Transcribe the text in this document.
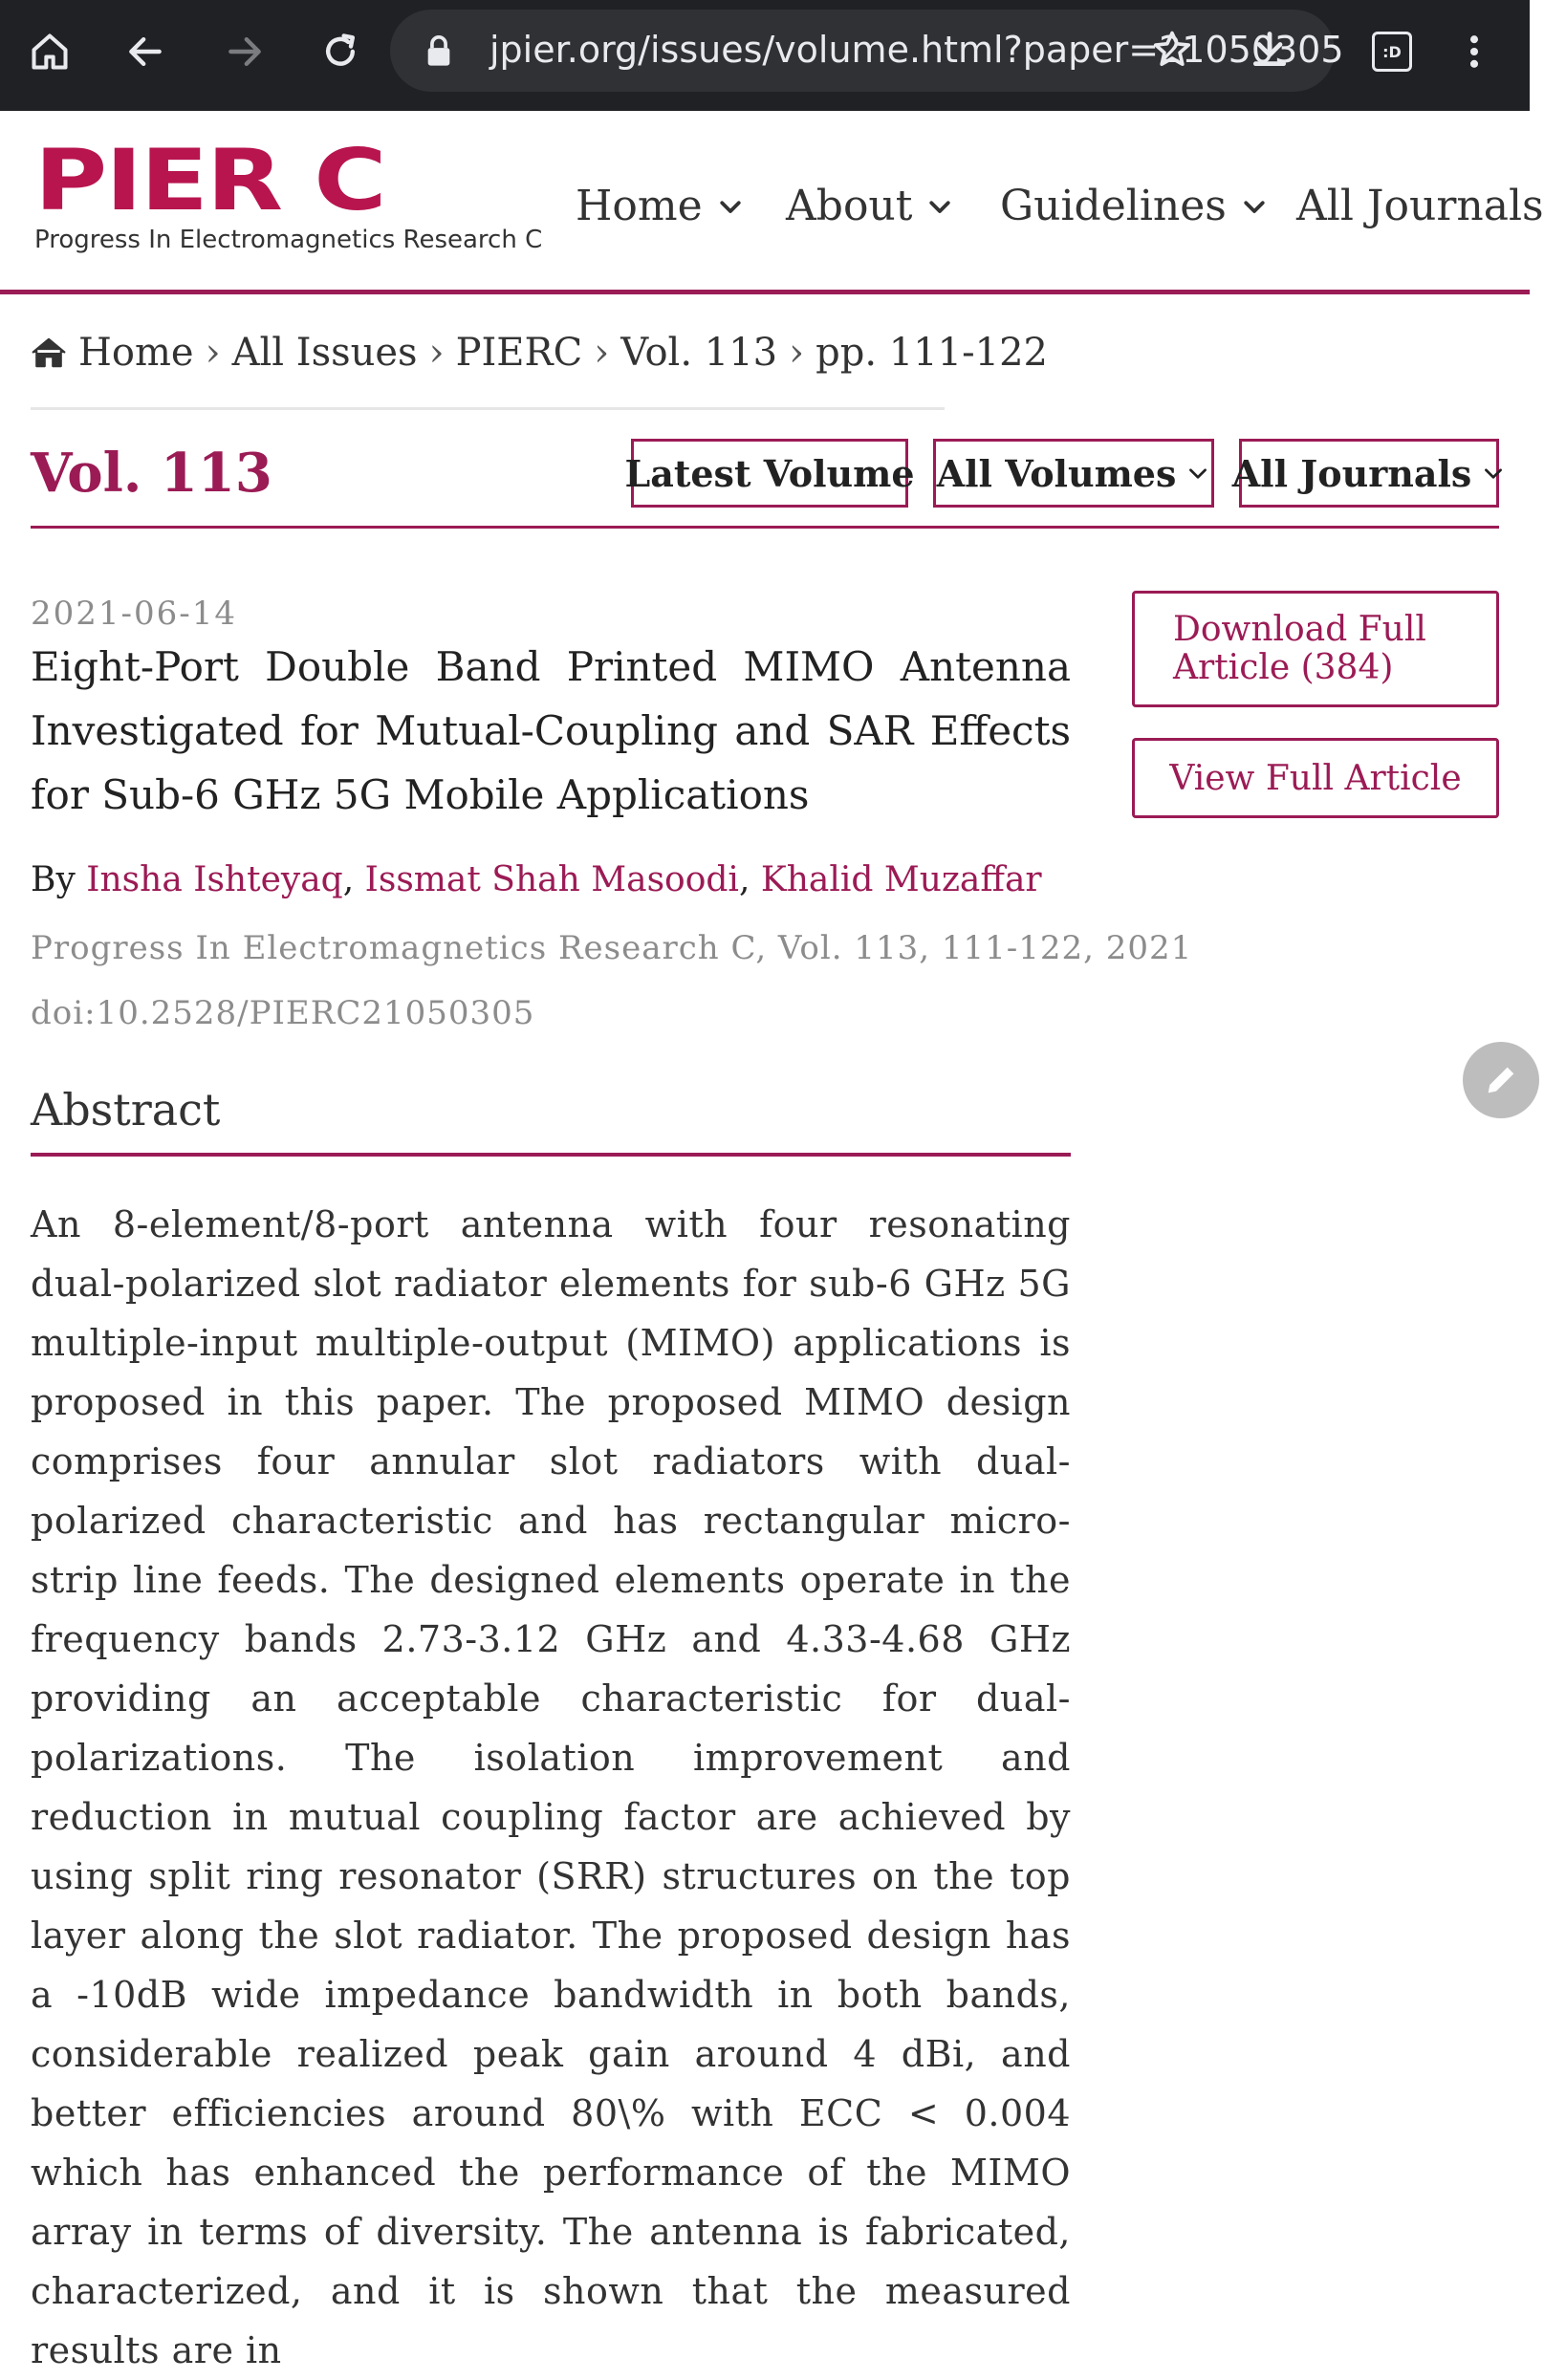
jpier.org/issues/volume.html?paper=21050305	:D
PIER C
Progress In Electromagnetics Research C
Home About Guidelines All Journals
Home › All Issues › PIERC › Vol. 113 › pp. 111-122
Vol. 113	Latest Volume All Volumes All Journals
2021-06-14
Eight-Port Double Band Printed MIMO Antenna Investigated for Mutual-Coupling and SAR Effects for Sub-6 GHz 5G Mobile Applications
By Insha Ishteyaq, Issmat Shah Masoodi, Khalid Muzaffar
Progress In Electromagnetics Research C, Vol. 113, 111-122, 2021
doi:10.2528/PIERC21050305
Download Full Article (384)
View Full Article
Abstract
An 8-element/8-port antenna with four resonating dual-polarized slot radiator elements for sub-6 GHz 5G multiple-input multiple-output (MIMO) applications is proposed in this paper. The proposed MIMO design comprises four annular slot radiators with dual-polarized characteristic and has rectangular micro-strip line feeds. The designed elements operate in the frequency bands 2.73-3.12 GHz and 4.33-4.68 GHz providing an acceptable characteristic for dual-polarizations. The isolation improvement and reduction in mutual coupling factor are achieved by using split ring resonator (SRR) structures on the top layer along the slot radiator. The proposed design has a -10dB wide impedance bandwidth in both bands, considerable realized peak gain around 4 dBi, and better efficiencies around 80\% with ECC < 0.004 which has enhanced the performance of the MIMO array in terms of diversity. The antenna is fabricated, characterized, and it is shown that the measured results are in
